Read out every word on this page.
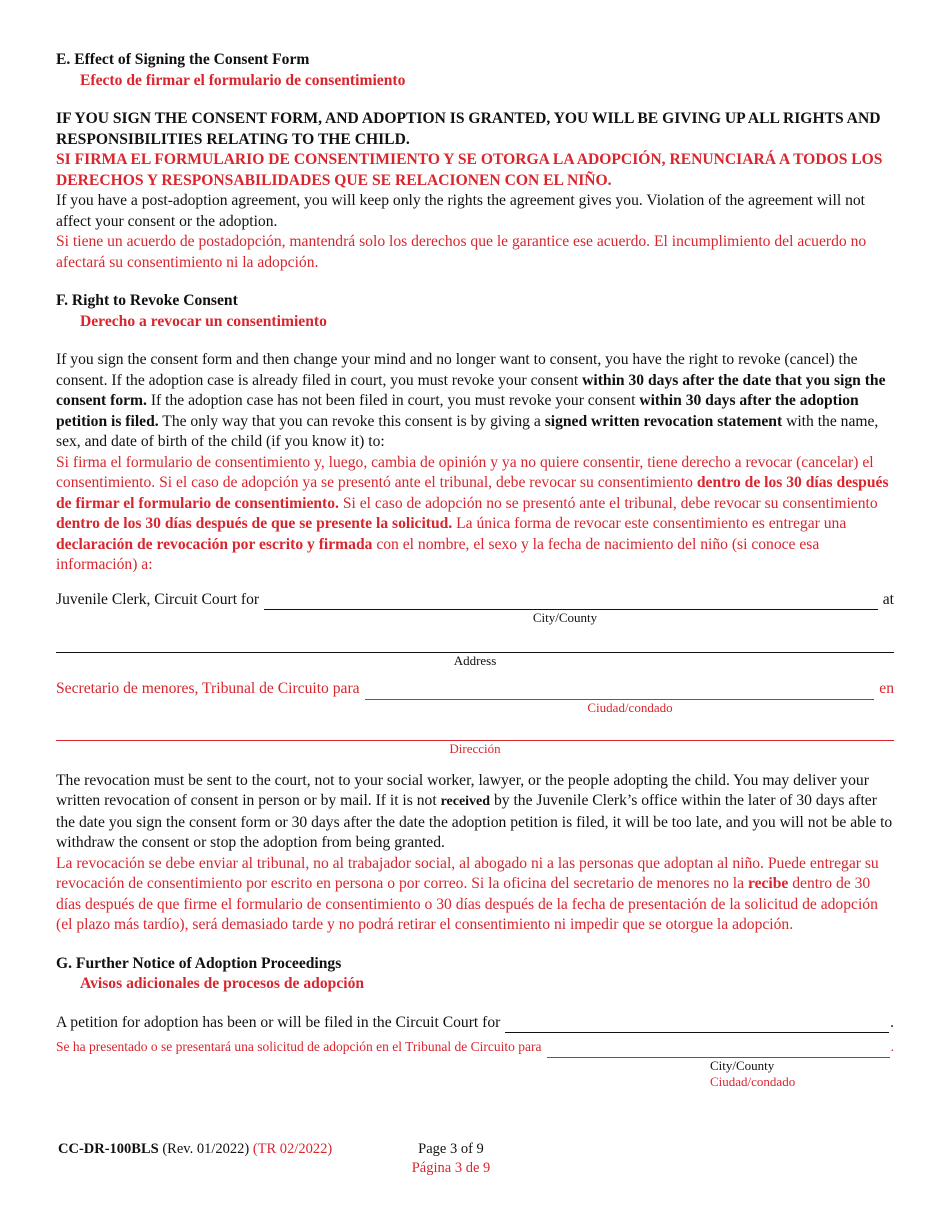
E. Effect of Signing the Consent Form

Efecto de firmar el formulario de consentimiento

IF YOU SIGN THE CONSENT FORM, AND ADOPTION IS GRANTED, YOU WILL BE GIVING UP ALL RIGHTS AND RESPONSIBILITIES RELATING TO THE CHILD.

SI FIRMA EL FORMULARIO DE CONSENTIMIENTO Y SE OTORGA LA ADOPCIÓN, RENUNCIARÁ A TODOS LOS DERECHOS Y RESPONSABILIDADES QUE SE RELACIONEN CON EL NIÑO.

If you have a post-adoption agreement, you will keep only the rights the agreement gives you. Violation of the agreement will not affect your consent or the adoption.

Si tiene un acuerdo de postadopción, mantendrá solo los derechos que le garantice ese acuerdo. El incumplimiento del acuerdo no afectará su consentimiento ni la adopción.

F. Right to Revoke Consent

Derecho a revocar un consentimiento

If you sign the consent form and then change your mind and no longer want to consent, you have the right to revoke (cancel) the consent. If the adoption case is already filed in court, you must revoke your consent within 30 days after the date that you sign the consent form. If the adoption case has not been filed in court, you must revoke your consent within 30 days after the adoption petition is filed. The only way that you can revoke this consent is by giving a signed written revocation statement with the name, sex, and date of birth of the child (if you know it) to:

Si firma el formulario de consentimiento y, luego, cambia de opinión y ya no quiere consentir, tiene derecho a revocar (cancelar) el consentimiento. Si el caso de adopción ya se presentó ante el tribunal, debe revocar su consentimiento dentro de los 30 días después de firmar el formulario de consentimiento. Si el caso de adopción no se presentó ante el tribunal, debe revocar su consentimiento dentro de los 30 días después de que se presente la solicitud. La única forma de revocar este consentimiento es entregar una declaración de revocación por escrito y firmada con el nombre, el sexo y la fecha de nacimiento del niño (si conoce esa información) a:

Juvenile Clerk, Circuit Court for	at
City/County
Address
Secretario de menores, Tribunal de Circuito para	en
Ciudad/condado
Dirección

The revocation must be sent to the court, not to your social worker, lawyer, or the people adopting the child. You may deliver your written revocation of consent in person or by mail. If it is not received by the Juvenile Clerk’s office within the later of 30 days after the date you sign the consent form or 30 days after the date the adoption petition is filed, it will be too late, and you will not be able to withdraw the consent or stop the adoption from being granted.

La revocación se debe enviar al tribunal, no al trabajador social, al abogado ni a las personas que adoptan al niño. Puede entregar su revocación de consentimiento por escrito en persona o por correo. Si la oficina del secretario de menores no la recibe dentro de 30 días después de que firme el formulario de consentimiento o 30 días después de la fecha de presentación de la solicitud de adopción (el plazo más tardío), será demasiado tarde y no podrá retirar el consentimiento ni impedir que se otorgue la adopción.

G. Further Notice of Adoption Proceedings

Avisos adicionales de procesos de adopción

A petition for adoption has been or will be filed in the Circuit Court for	.
Se ha presentado o se presentará una solicitud de adopción en el Tribunal de Circuito para	.
City/County
Ciudad/condado
CC-DR-100BLS (Rev. 01/2022) (TR 02/2022)	Page 3 of 9
Página 3 de 9
